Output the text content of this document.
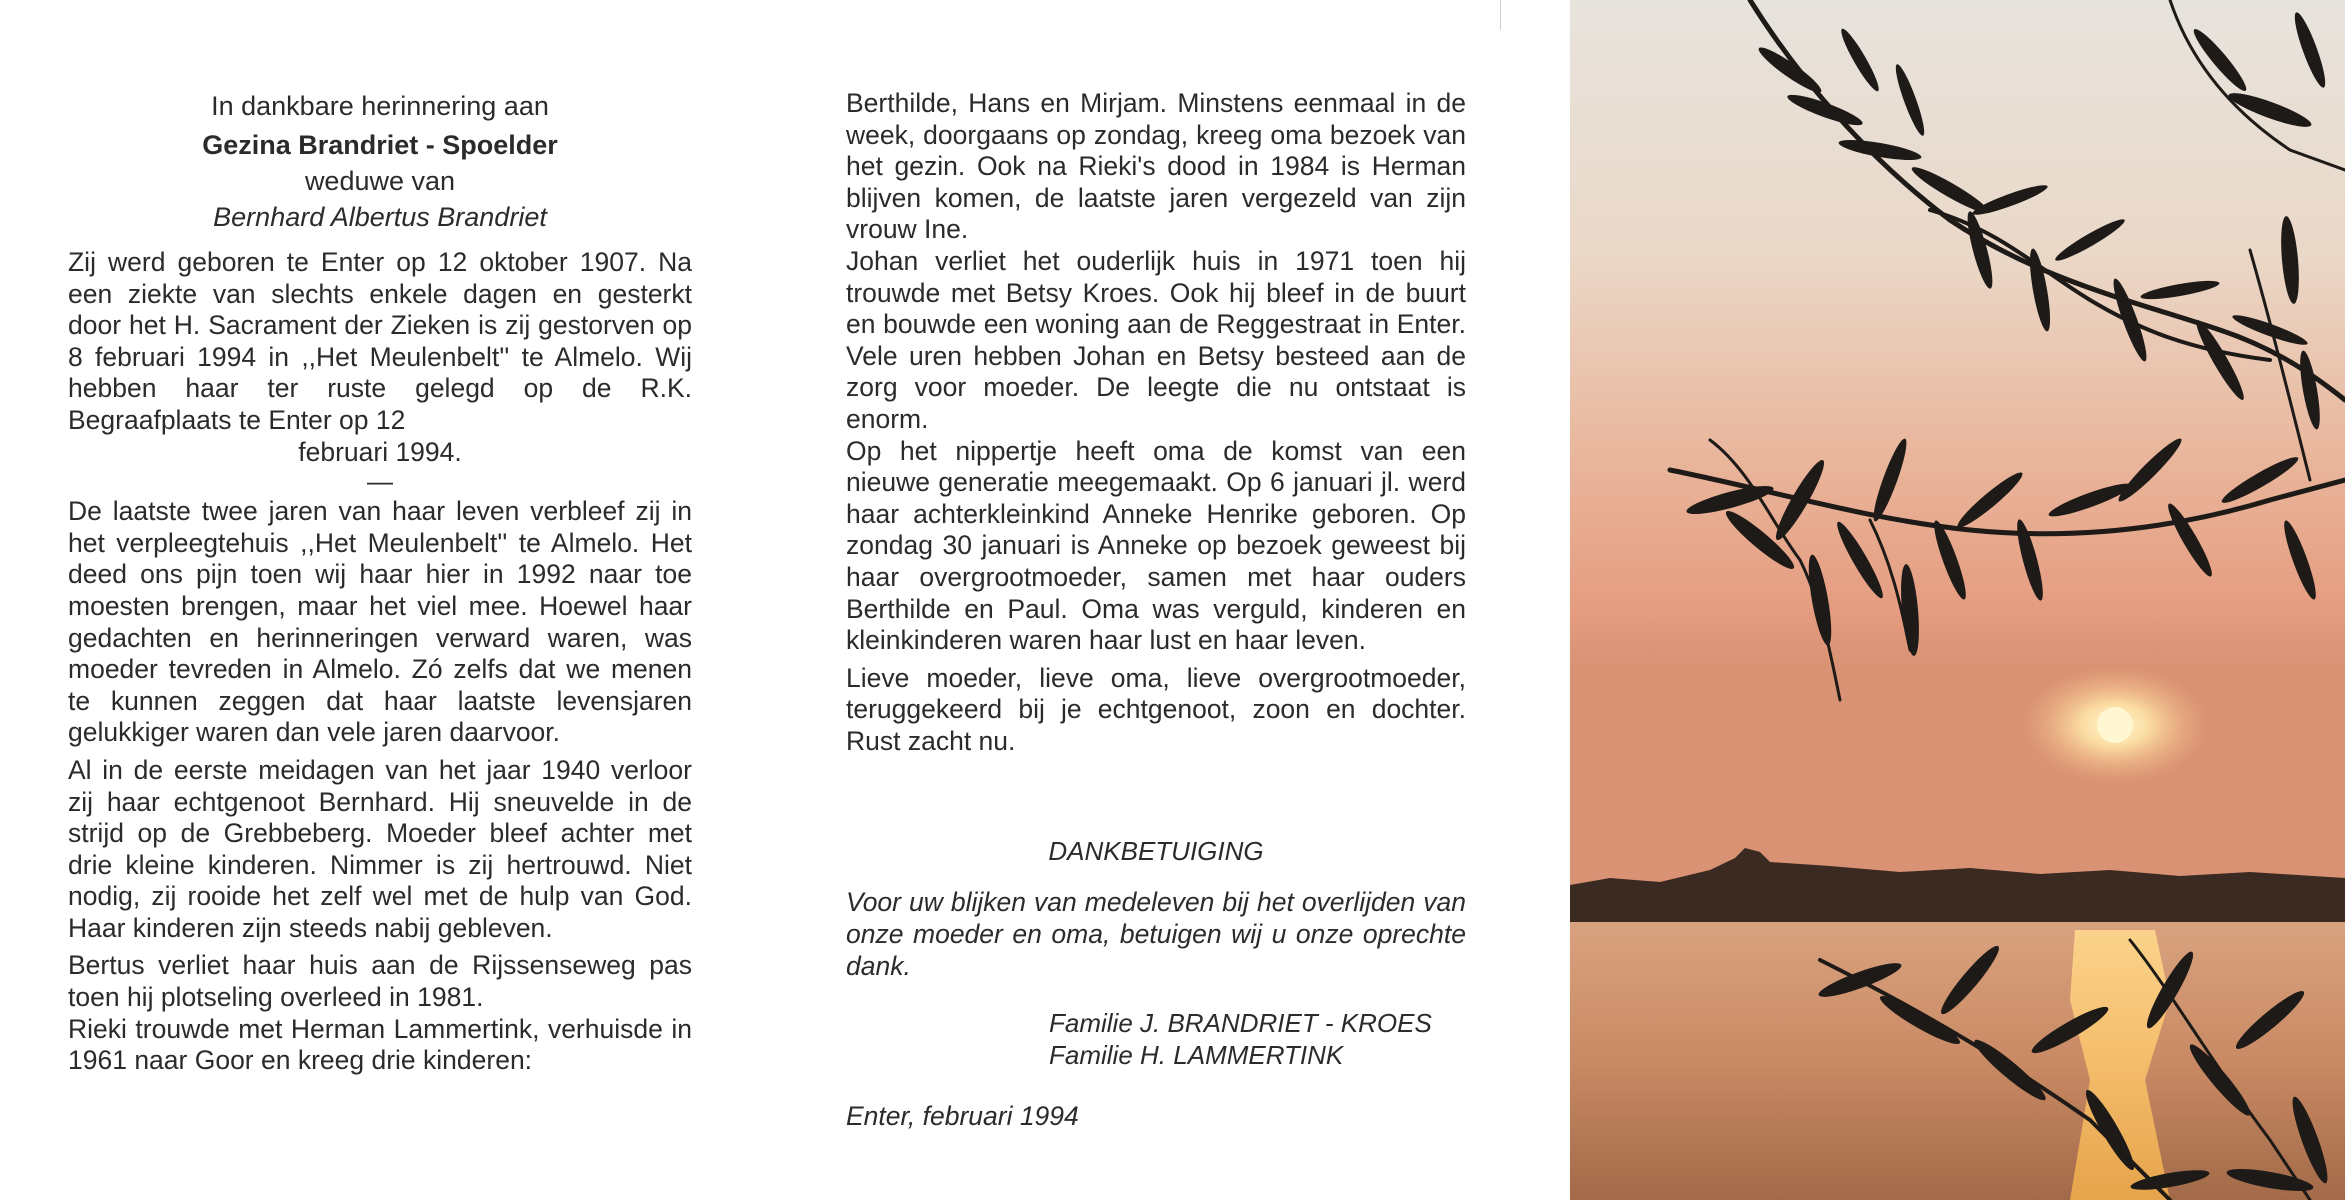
In dankbare herinnering aan

Gezina Brandriet - Spoelder

weduwe van

Bernhard Albertus Brandriet

Zij werd geboren te Enter op 12 oktober 1907. Na een ziekte van slechts enkele dagen en gesterkt door het H. Sacrament der Zieken is zij gestorven op 8 februari 1994 in ,,Het Meulenbelt'' te Almelo. Wij hebben haar ter ruste gelegd op de R.K. Begraafplaats te Enter op 12

februari 1994.

—

De laatste twee jaren van haar leven verbleef zij in het verpleegtehuis ,,Het Meulenbelt'' te Almelo. Het deed ons pijn toen wij haar hier in 1992 naar toe moesten brengen, maar het viel mee. Hoewel haar gedachten en herinneringen verward waren, was moeder tevreden in Almelo. Zó zelfs dat we menen te kunnen zeggen dat haar laatste levensjaren gelukkiger waren dan vele jaren daarvoor.

Al in de eerste meidagen van het jaar 1940 verloor zij haar echtgenoot Bernhard. Hij sneuvelde in de strijd op de Grebbeberg. Moeder bleef achter met drie kleine kinderen. Nimmer is zij hertrouwd. Niet nodig, zij rooide het zelf wel met de hulp van God. Haar kinderen zijn steeds nabij gebleven.

Bertus verliet haar huis aan de Rijssenseweg pas toen hij plotseling overleed in 1981.

Rieki trouwde met Herman Lammertink, verhuisde in 1961 naar Goor en kreeg drie kinderen:

Berthilde, Hans en Mirjam. Minstens eenmaal in de week, doorgaans op zondag, kreeg oma bezoek van het gezin. Ook na Rieki's dood in 1984 is Herman blijven komen, de laatste jaren vergezeld van zijn vrouw Ine.

Johan verliet het ouderlijk huis in 1971 toen hij trouwde met Betsy Kroes. Ook hij bleef in de buurt en bouwde een woning aan de Reggestraat in Enter. Vele uren hebben Johan en Betsy besteed aan de zorg voor moeder. De leegte die nu ontstaat is enorm.

Op het nippertje heeft oma de komst van een nieuwe generatie meegemaakt. Op 6 januari jl. werd haar achterkleinkind Anneke Henrike geboren. Op zondag 30 januari is Anneke op bezoek geweest bij haar overgrootmoeder, samen met haar ouders Berthilde en Paul. Oma was verguld, kinderen en kleinkinderen waren haar lust en haar leven.

Lieve moeder, lieve oma, lieve overgrootmoeder, teruggekeerd bij je echtgenoot, zoon en dochter. Rust zacht nu.

DANKBETUIGING

Voor uw blijken van medeleven bij het overlijden van onze moeder en oma, betuigen wij u onze oprechte dank.

Familie J. BRANDRIET - KROES

Familie H. LAMMERTINK

Enter, februari 1994
